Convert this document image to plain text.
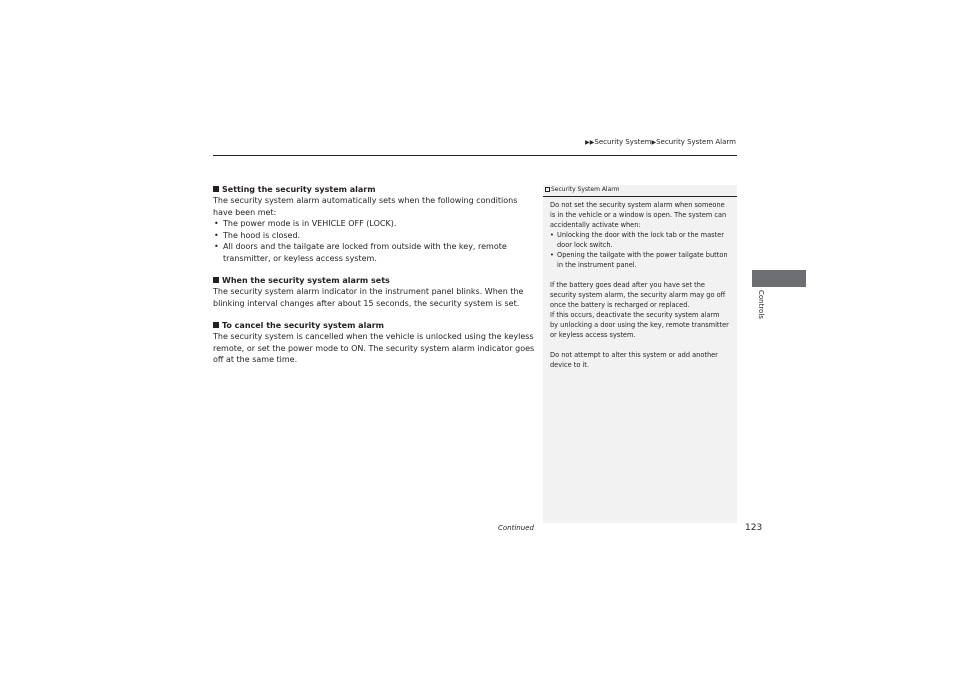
▶▶Security System▶Security System Alarm

Setting the security system alarm

The security system alarm automatically sets when the following conditions have been met:

• The power mode is in VEHICLE OFF (LOCK).
• The hood is closed.
• All doors and the tailgate are locked from outside with the key, remote transmitter, or keyless access system.

When the security system alarm sets

The security system alarm indicator in the instrument panel blinks. When the blinking interval changes after about 15 seconds, the security system is set.

To cancel the security system alarm

The security system is cancelled when the vehicle is unlocked using the keyless remote, or set the power mode to ON. The security system alarm indicator goes off at the same time.

Security System Alarm

Do not set the security system alarm when someone is in the vehicle or a window is open. The system can accidentally activate when:

• Unlocking the door with the lock tab or the master door lock switch.
• Opening the tailgate with the power tailgate button in the instrument panel.

If the battery goes dead after you have set the security system alarm, the security alarm may go off once the battery is recharged or replaced.

If this occurs, deactivate the security system alarm by unlocking a door using the key, remote transmitter or keyless access system.

Do not attempt to alter this system or add another device to it.

Controls
Continued	123
